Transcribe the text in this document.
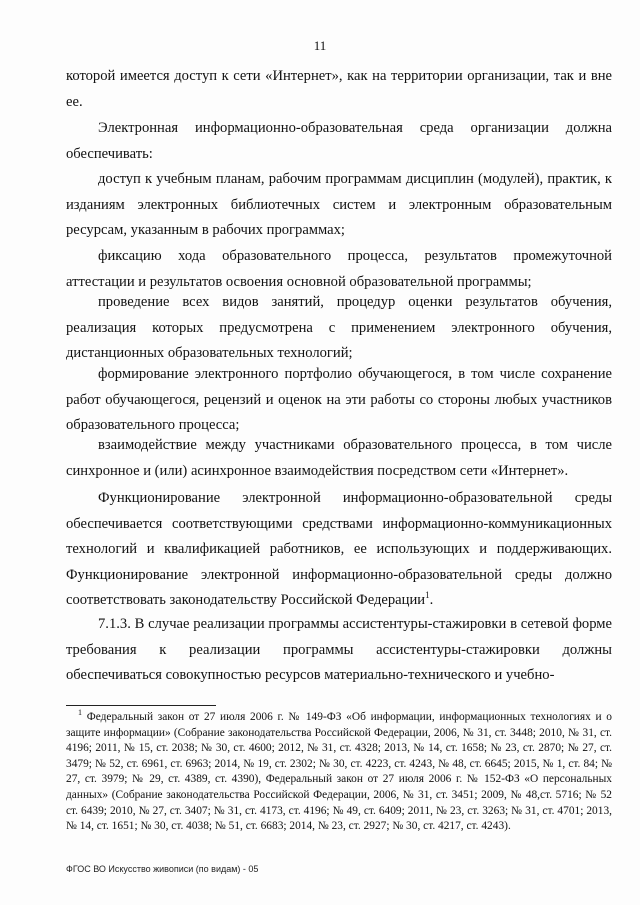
11
которой имеется доступ к сети «Интернет», как на территории организации, так и вне ее.
Электронная информационно-образовательная среда организации должна обеспечивать:
доступ к учебным планам, рабочим программам дисциплин (модулей), практик, к изданиям электронных библиотечных систем и электронным образовательным ресурсам, указанным в рабочих программах;
фиксацию хода образовательного процесса, результатов промежуточной аттестации и результатов освоения основной образовательной программы;
проведение всех видов занятий, процедур оценки результатов обучения, реализация которых предусмотрена с применением электронного обучения, дистанционных образовательных технологий;
формирование электронного портфолио обучающегося, в том числе сохранение работ обучающегося, рецензий и оценок на эти работы со стороны любых участников образовательного процесса;
взаимодействие между участниками образовательного процесса, в том числе синхронное и (или) асинхронное взаимодействия посредством сети «Интернет».
Функционирование электронной информационно-образовательной среды обеспечивается соответствующими средствами информационно-коммуникационных технологий и квалификацией работников, ее использующих и поддерживающих. Функционирование электронной информационно-образовательной среды должно соответствовать законодательству Российской Федерации$^1$.
7.1.3. В случае реализации программы ассистентуры-стажировки в сетевой форме требования к реализации программы ассистентуры-стажировки должны обеспечиваться совокупностью ресурсов материально-технического и учебно-
$^1$ Федеральный закон от 27 июля 2006 г. № 149-ФЗ «Об информации, информационных технологиях и о защите информации» (Собрание законодательства Российской Федерации, 2006, № 31, ст. 3448; 2010, № 31, ст. 4196; 2011, № 15, ст. 2038; № 30, ст. 4600; 2012, № 31, ст. 4328; 2013, № 14, ст. 1658; № 23, ст. 2870; № 27, ст. 3479; № 52, ст. 6961, ст. 6963; 2014, № 19, ст. 2302; № 30, ст. 4223, ст. 4243, № 48, ст. 6645; 2015, № 1, ст. 84; № 27, ст. 3979; № 29, ст. 4389, ст. 4390), Федеральный закон от 27 июля 2006 г. № 152-ФЗ «О персональных данных» (Собрание законодательства Российской Федерации, 2006, № 31, ст. 3451; 2009, № 48,ст. 5716; № 52 ст. 6439; 2010, № 27, ст. 3407; № 31, ст. 4173, ст. 4196; № 49, ст. 6409; 2011, № 23, ст. 3263; № 31, ст. 4701; 2013, № 14, ст. 1651; № 30, ст. 4038; № 51, ст. 6683; 2014, № 23, ст. 2927; № 30, ст. 4217, ст. 4243).
ФГОС ВО Искусство живописи (по видам) - 05
